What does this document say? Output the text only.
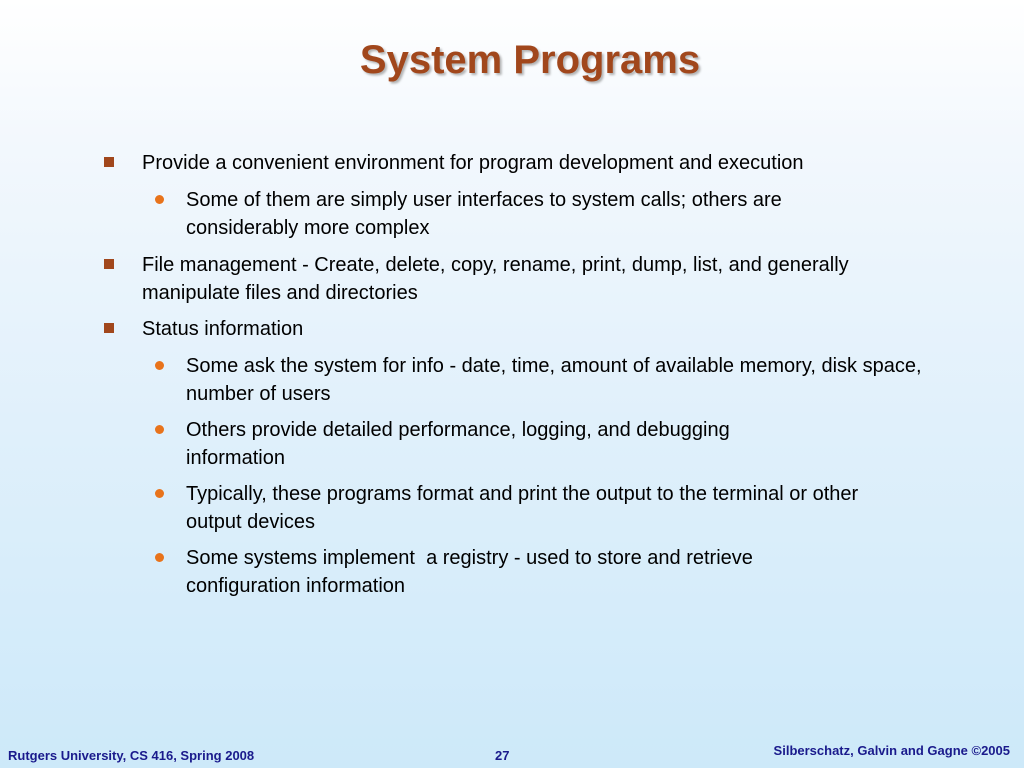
System Programs
Provide a convenient environment for program development and execution
Some of them are simply user interfaces to system calls; others are considerably more complex
File management - Create, delete, copy, rename, print, dump, list, and generally manipulate files and directories
Status information
Some ask the system for info - date, time, amount of available memory, disk space, number of users
Others provide detailed performance, logging, and debugging information
Typically, these programs format and print the output to the terminal or other output devices
Some systems implement  a registry - used to store and retrieve configuration information
Rutgers University, CS 416, Spring 2008	27	Silberschatz, Galvin and Gagne ©2005
